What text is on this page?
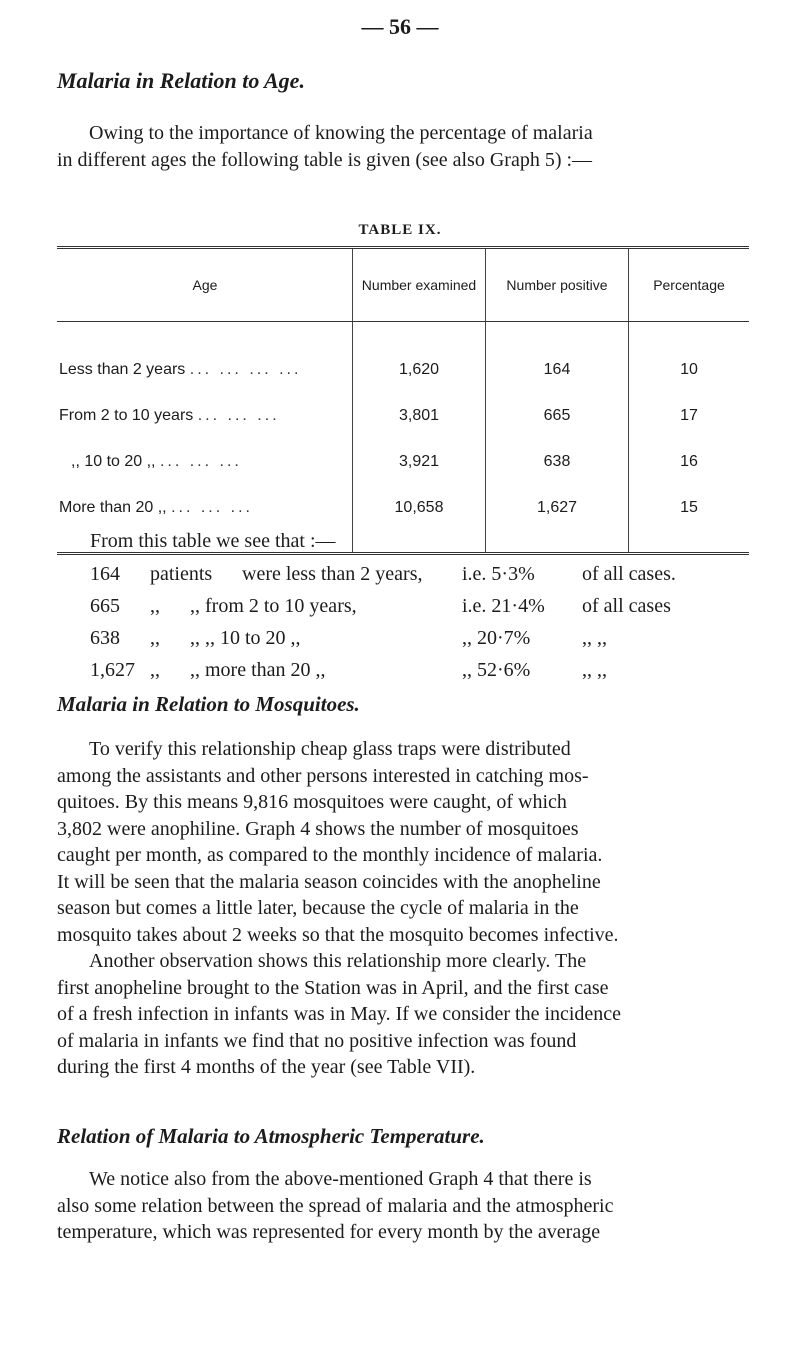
— 56 —
Malaria in Relation to Age.

Owing to the importance of knowing the percentage of malaria
in different ages the following table is given (see also Graph 5) :—

TABLE IX.
Age	Number examined	Number positive	Percentage
Less than 2 years ... ... ... ...	1,620	164	10
From 2 to 10 years ... ... ...	3,801	665	17
,, 10 to 20 ,, ... ... ...	3,921	638	16
More than 20 ,, ... ... ...	10,658	1,627	15
From this table we see that :—
164 patients were less than 2 years, i.e. 5·3% of all cases.
665 ,, ,, from 2 to 10 years,	i.e. 21·4% of all cases
638 ,, ,, ,, 10 to 20 ,,	,, 20·7%	,, ,,
1,627 ,, ,, more than 20 ,,	,, 52·6%	,, ,,
Malaria in Relation to Mosquitoes.

To verify this relationship cheap glass traps were distributed
among the assistants and other persons interested in catching mos-
quitoes. By this means 9,816 mosquitoes were caught, of which
3,802 were anophiline. Graph 4 shows the number of mosquitoes
caught per month, as compared to the monthly incidence of malaria.
It will be seen that the malaria season coincides with the anopheline
season but comes a little later, because the cycle of malaria in the
mosquito takes about 2 weeks so that the mosquito becomes infective.
Another observation shows this relationship more clearly. The
first anopheline brought to the Station was in April, and the first case
of a fresh infection in infants was in May. If we consider the incidence
of malaria in infants we find that no positive infection was found
during the first 4 months of the year (see Table VII).

Relation of Malaria to Atmospheric Temperature.

We notice also from the above-mentioned Graph 4 that there is
also some relation between the spread of malaria and the atmospheric
temperature, which was represented for every month by the average
